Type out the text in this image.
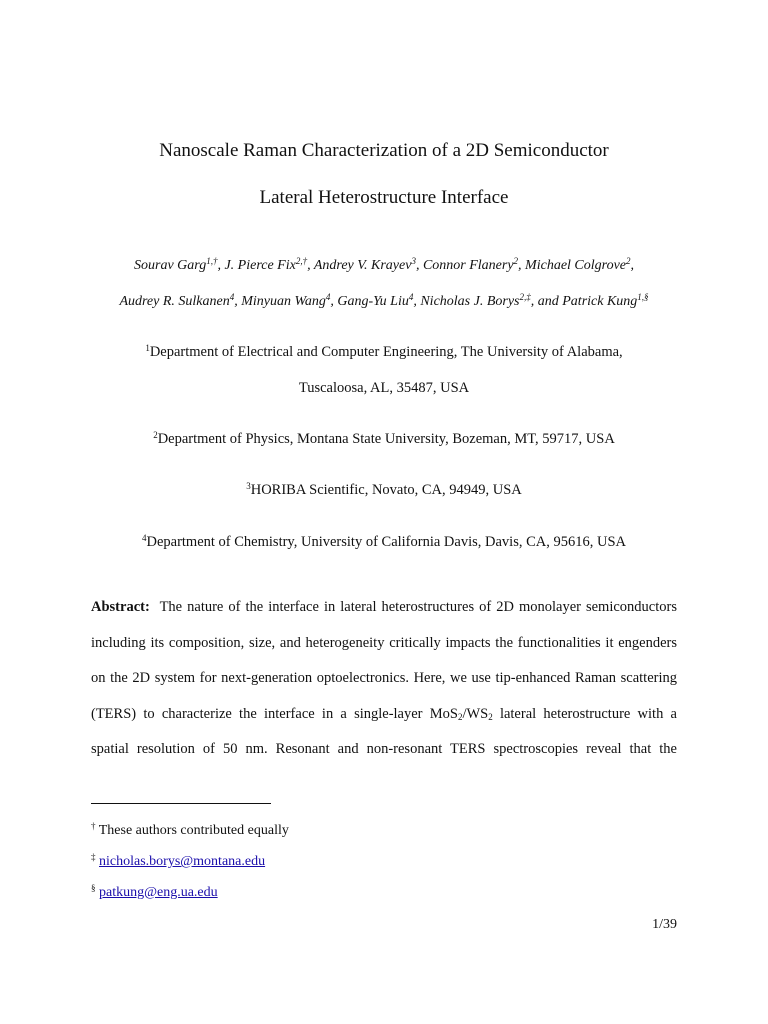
Nanoscale Raman Characterization of a 2D Semiconductor
Lateral Heterostructure Interface
Sourav Garg$^{1,\dagger}$, J. Pierce Fix$^{2,\dagger}$, Andrey V. Krayev$^3$, Connor Flanery$^2$, Michael Colgrove$^2$,
Audrey R. Sulkanen$^4$, Minyuan Wang$^4$, Gang-Yu Liu$^4$, Nicholas J. Borys$^{2,\ddagger}$, and Patrick Kung$^{1,\S}$
$^1$Department of Electrical and Computer Engineering, The University of Alabama,
Tuscaloosa, AL, 35487, USA
$^2$Department of Physics, Montana State University, Bozeman, MT, 59717, USA
$^3$HORIBA Scientific, Novato, CA, 94949, USA
$^4$Department of Chemistry, University of California Davis, Davis, CA, 95616, USA
Abstract: The nature of the interface in lateral heterostructures of 2D monolayer semiconductors
including its composition, size, and heterogeneity critically impacts the functionalities it engenders
on the 2D system for next-generation optoelectronics. Here, we use tip-enhanced Raman scattering
(TERS) to characterize the interface in a single-layer $MoS_2/WS_2$ lateral heterostructure with a
spatial resolution of 50 nm. Resonant and non-resonant TERS spectroscopies reveal that the
† These authors contributed equally
‡ nicholas.borys@montana.edu
§ patkung@eng.ua.edu
1/39
